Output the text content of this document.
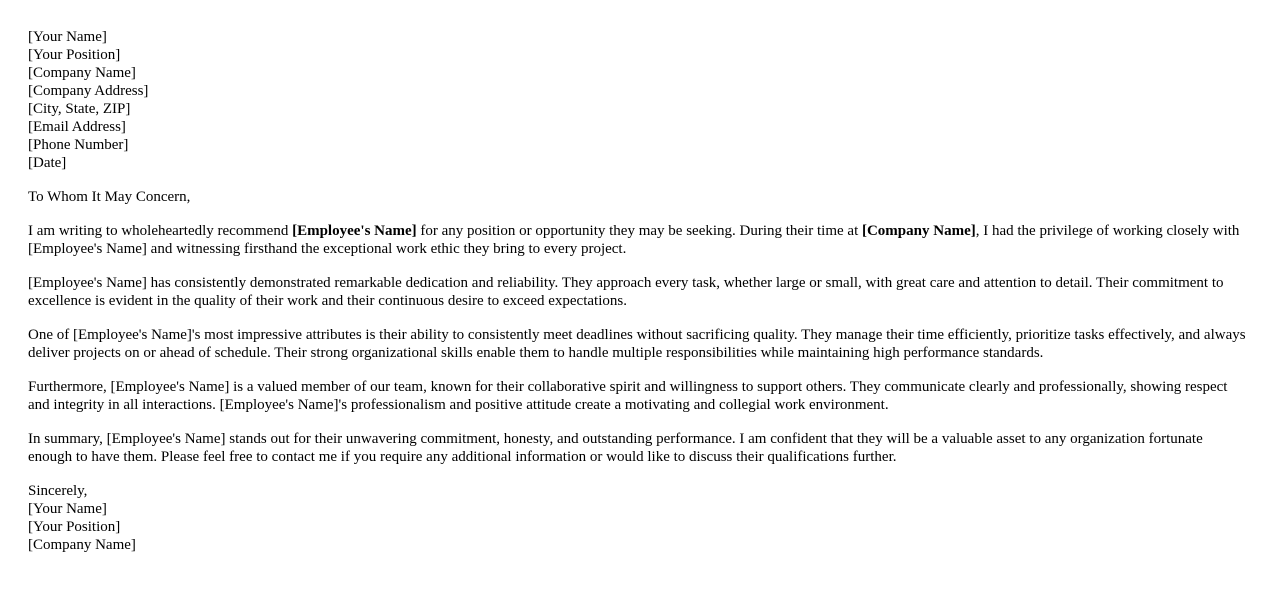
[Your Name]
[Your Position]
[Company Name]
[Company Address]
[City, State, ZIP]
[Email Address]
[Phone Number]
[Date]

To Whom It May Concern,

I am writing to wholeheartedly recommend [Employee's Name] for any position or opportunity they may be seeking. During their time at [Company Name], I had the privilege of working closely with [Employee's Name] and witnessing firsthand the exceptional work ethic they bring to every project.

[Employee's Name] has consistently demonstrated remarkable dedication and reliability. They approach every task, whether large or small, with great care and attention to detail. Their commitment to excellence is evident in the quality of their work and their continuous desire to exceed expectations.

One of [Employee's Name]'s most impressive attributes is their ability to consistently meet deadlines without sacrificing quality. They manage their time efficiently, prioritize tasks effectively, and always deliver projects on or ahead of schedule. Their strong organizational skills enable them to handle multiple responsibilities while maintaining high performance standards.

Furthermore, [Employee's Name] is a valued member of our team, known for their collaborative spirit and willingness to support others. They communicate clearly and professionally, showing respect and integrity in all interactions. [Employee's Name]'s professionalism and positive attitude create a motivating and collegial work environment.

In summary, [Employee's Name] stands out for their unwavering commitment, honesty, and outstanding performance. I am confident that they will be a valuable asset to any organization fortunate enough to have them. Please feel free to contact me if you require any additional information or would like to discuss their qualifications further.

Sincerely,
[Your Name]
[Your Position]
[Company Name]
